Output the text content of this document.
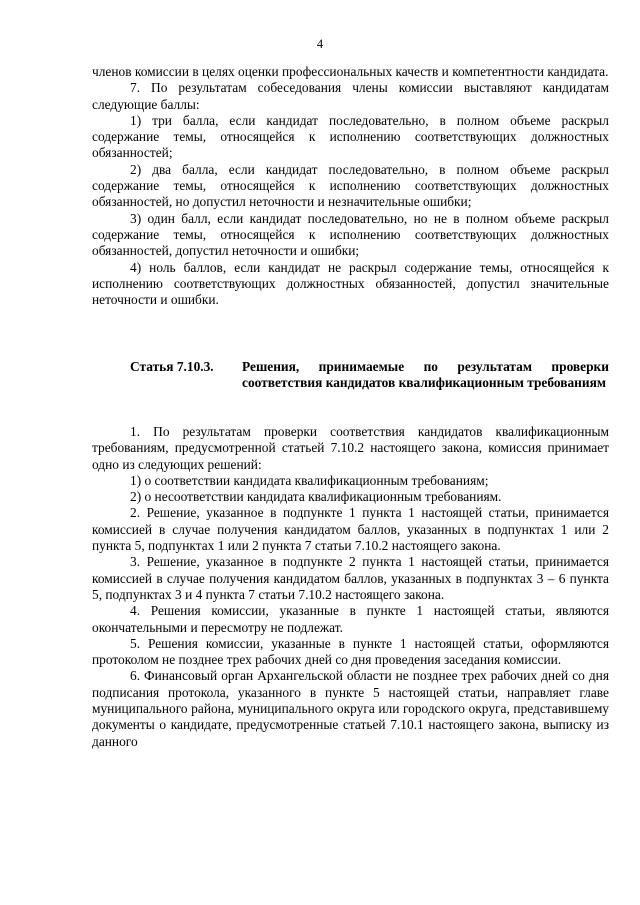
4

членов комиссии в целях оценки профессиональных качеств и компетентности кандидата.

7. По результатам собеседования члены комиссии выставляют кандидатам следующие баллы:

1) три балла, если кандидат последовательно, в полном объеме раскрыл содержание темы, относящейся к исполнению соответствующих должностных обязанностей;

2) два балла, если кандидат последовательно, в полном объеме раскрыл содержание темы, относящейся к исполнению соответствующих должностных обязанностей, но допустил неточности и незначительные ошибки;

3) один балл, если кандидат последовательно, но не в полном объеме раскрыл содержание темы, относящейся к исполнению соответствующих должностных обязанностей, допустил неточности и ошибки;

4) ноль баллов, если кандидат не раскрыл содержание темы, относящейся к исполнению соответствующих должностных обязанностей, допустил значительные неточности и ошибки.

Статья 7.10.3.	Решения, принимаемые по результатам проверки соответствия кандидатов квалификационным требованиям

1. По результатам проверки соответствия кандидатов квалификационным требованиям, предусмотренной статьей 7.10.2 настоящего закона, комиссия принимает одно из следующих решений:

1) о соответствии кандидата квалификационным требованиям;

2) о несоответствии кандидата квалификационным требованиям.

2. Решение, указанное в подпункте 1 пункта 1 настоящей статьи, принимается комиссией в случае получения кандидатом баллов, указанных в подпунктах 1 или 2 пункта 5, подпунктах 1 или 2 пункта 7 статьи 7.10.2 настоящего закона.

3. Решение, указанное в подпункте 2 пункта 1 настоящей статьи, принимается комиссией в случае получения кандидатом баллов, указанных в подпунктах 3 – 6 пункта 5, подпунктах 3 и 4 пункта 7 статьи 7.10.2 настоящего закона.

4. Решения комиссии, указанные в пункте 1 настоящей статьи, являются окончательными и пересмотру не подлежат.

5. Решения комиссии, указанные в пункте 1 настоящей статьи, оформляются протоколом не позднее трех рабочих дней со дня проведения заседания комиссии.

6. Финансовый орган Архангельской области не позднее трех рабочих дней со дня подписания протокола, указанного в пункте 5 настоящей статьи, направляет главе муниципального района, муниципального округа или городского округа, представившему документы о кандидате, предусмотренные статьей 7.10.1 настоящего закона, выписку из данного
